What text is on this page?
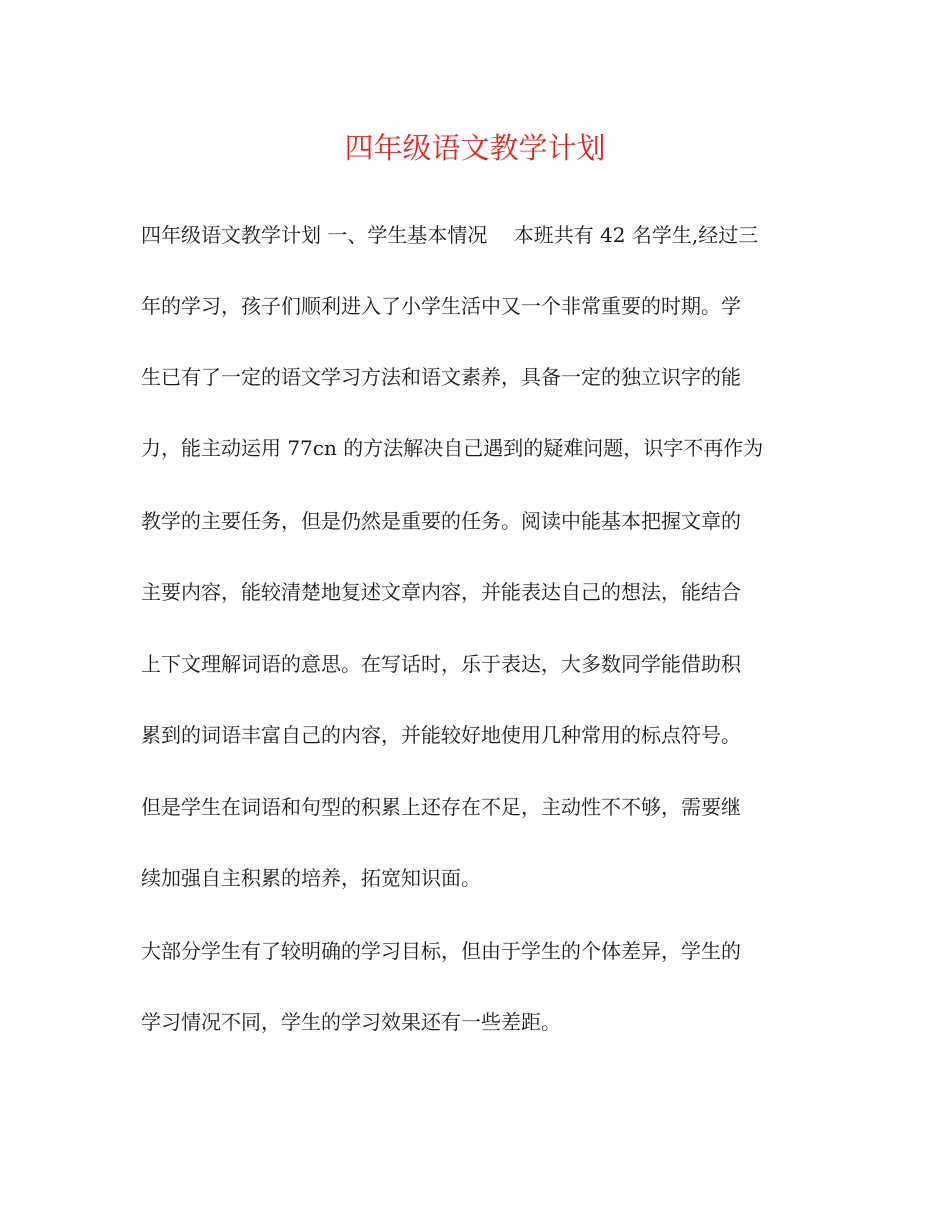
四年级语文教学计划
四年级语文教学计划 一、学生基本情况　 本班共有 42 名学生,经过三
年的学习，孩子们顺利进入了小学生活中又一个非常重要的时期。学
生已有了一定的语文学习方法和语文素养，具备一定的独立识字的能
力，能主动运用 77cn 的方法解决自己遇到的疑难问题，识字不再作为
教学的主要任务，但是仍然是重要的任务。阅读中能基本把握文章的
主要内容，能较清楚地复述文章内容，并能表达自己的想法，能结合
上下文理解词语的意思。在写话时，乐于表达，大多数同学能借助积
累到的词语丰富自己的内容，并能较好地使用几种常用的标点符号。
但是学生在词语和句型的积累上还存在不足，主动性不不够，需要继
续加强自主积累的培养，拓宽知识面。
大部分学生有了较明确的学习目标，但由于学生的个体差异，学生的
学习情况不同，学生的学习效果还有一些差距。
